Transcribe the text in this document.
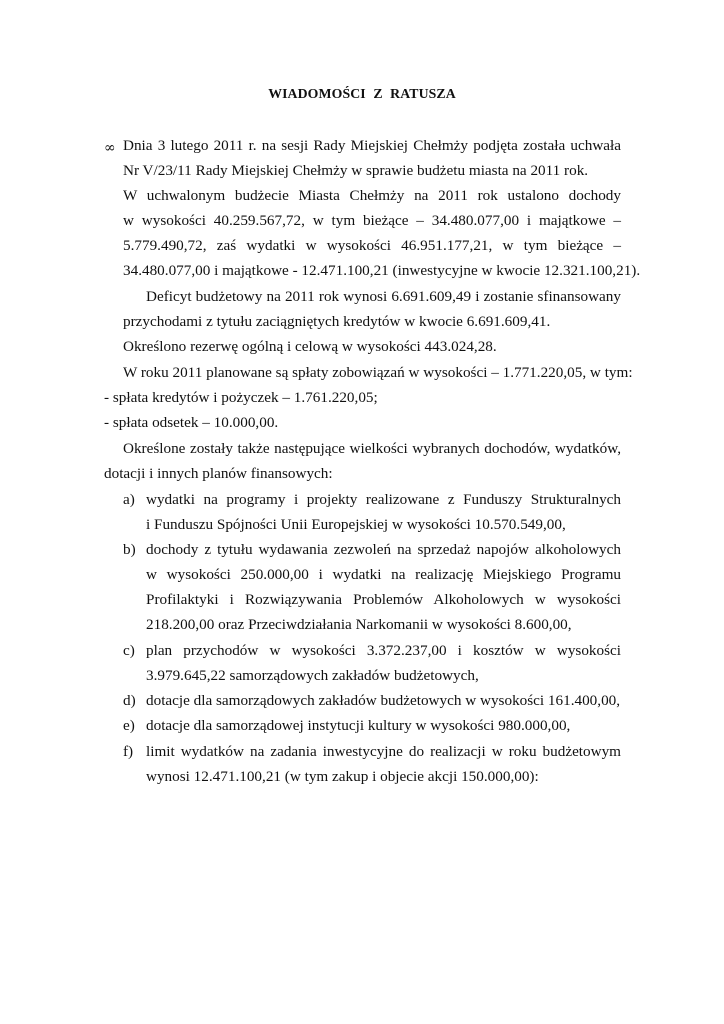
WIADOMOŚCI Z RATUSZA
∞ Dnia 3 lutego 2011 r. na sesji Rady Miejskiej Chełmży podjęta została uchwała
Nr V/23/11 Rady Miejskiej Chełmży w sprawie budżetu miasta na 2011 rok.
W uchwalonym budżecie Miasta Chełmży na 2011 rok ustalono dochody
w wysokości 40.259.567,72, w tym bieżące – 34.480.077,00 i majątkowe –
5.779.490,72, zaś wydatki w wysokości 46.951.177,21, w tym bieżące –
34.480.077,00 i majątkowe - 12.471.100,21 (inwestycyjne w kwocie 12.321.100,21).
Deficyt budżetowy na 2011 rok wynosi 6.691.609,49 i zostanie sfinansowany
przychodami z tytułu zaciągniętych kredytów w kwocie 6.691.609,41.
Określono rezerwę ogólną i celową w wysokości 443.024,28.
W roku 2011 planowane są spłaty zobowiązań w wysokości – 1.771.220,05, w tym:
- spłata kredytów i pożyczek – 1.761.220,05;
- spłata odsetek – 10.000,00.
Określone zostały także następujące wielkości wybranych dochodów, wydatków,
dotacji i innych planów finansowych:
a) wydatki na programy i projekty realizowane z Funduszy Strukturalnych
i Funduszu Spójności Unii Europejskiej w wysokości 10.570.549,00,
b) dochody z tytułu wydawania zezwoleń na sprzedaż napojów alkoholowych
w wysokości 250.000,00 i wydatki na realizację Miejskiego Programu
Profilaktyki i Rozwiązywania Problemów Alkoholowych w wysokości
218.200,00 oraz Przeciwdziałania Narkomanii w wysokości 8.600,00,
c) plan przychodów w wysokości 3.372.237,00 i kosztów w wysokości
3.979.645,22 samorządowych zakładów budżetowych,
d) dotacje dla samorządowych zakładów budżetowych w wysokości 161.400,00,
e) dotacje dla samorządowej instytucji kultury w wysokości 980.000,00,
f) limit wydatków na zadania inwestycyjne do realizacji w roku budżetowym
wynosi 12.471.100,21 (w tym zakup i objecie akcji 150.000,00):
